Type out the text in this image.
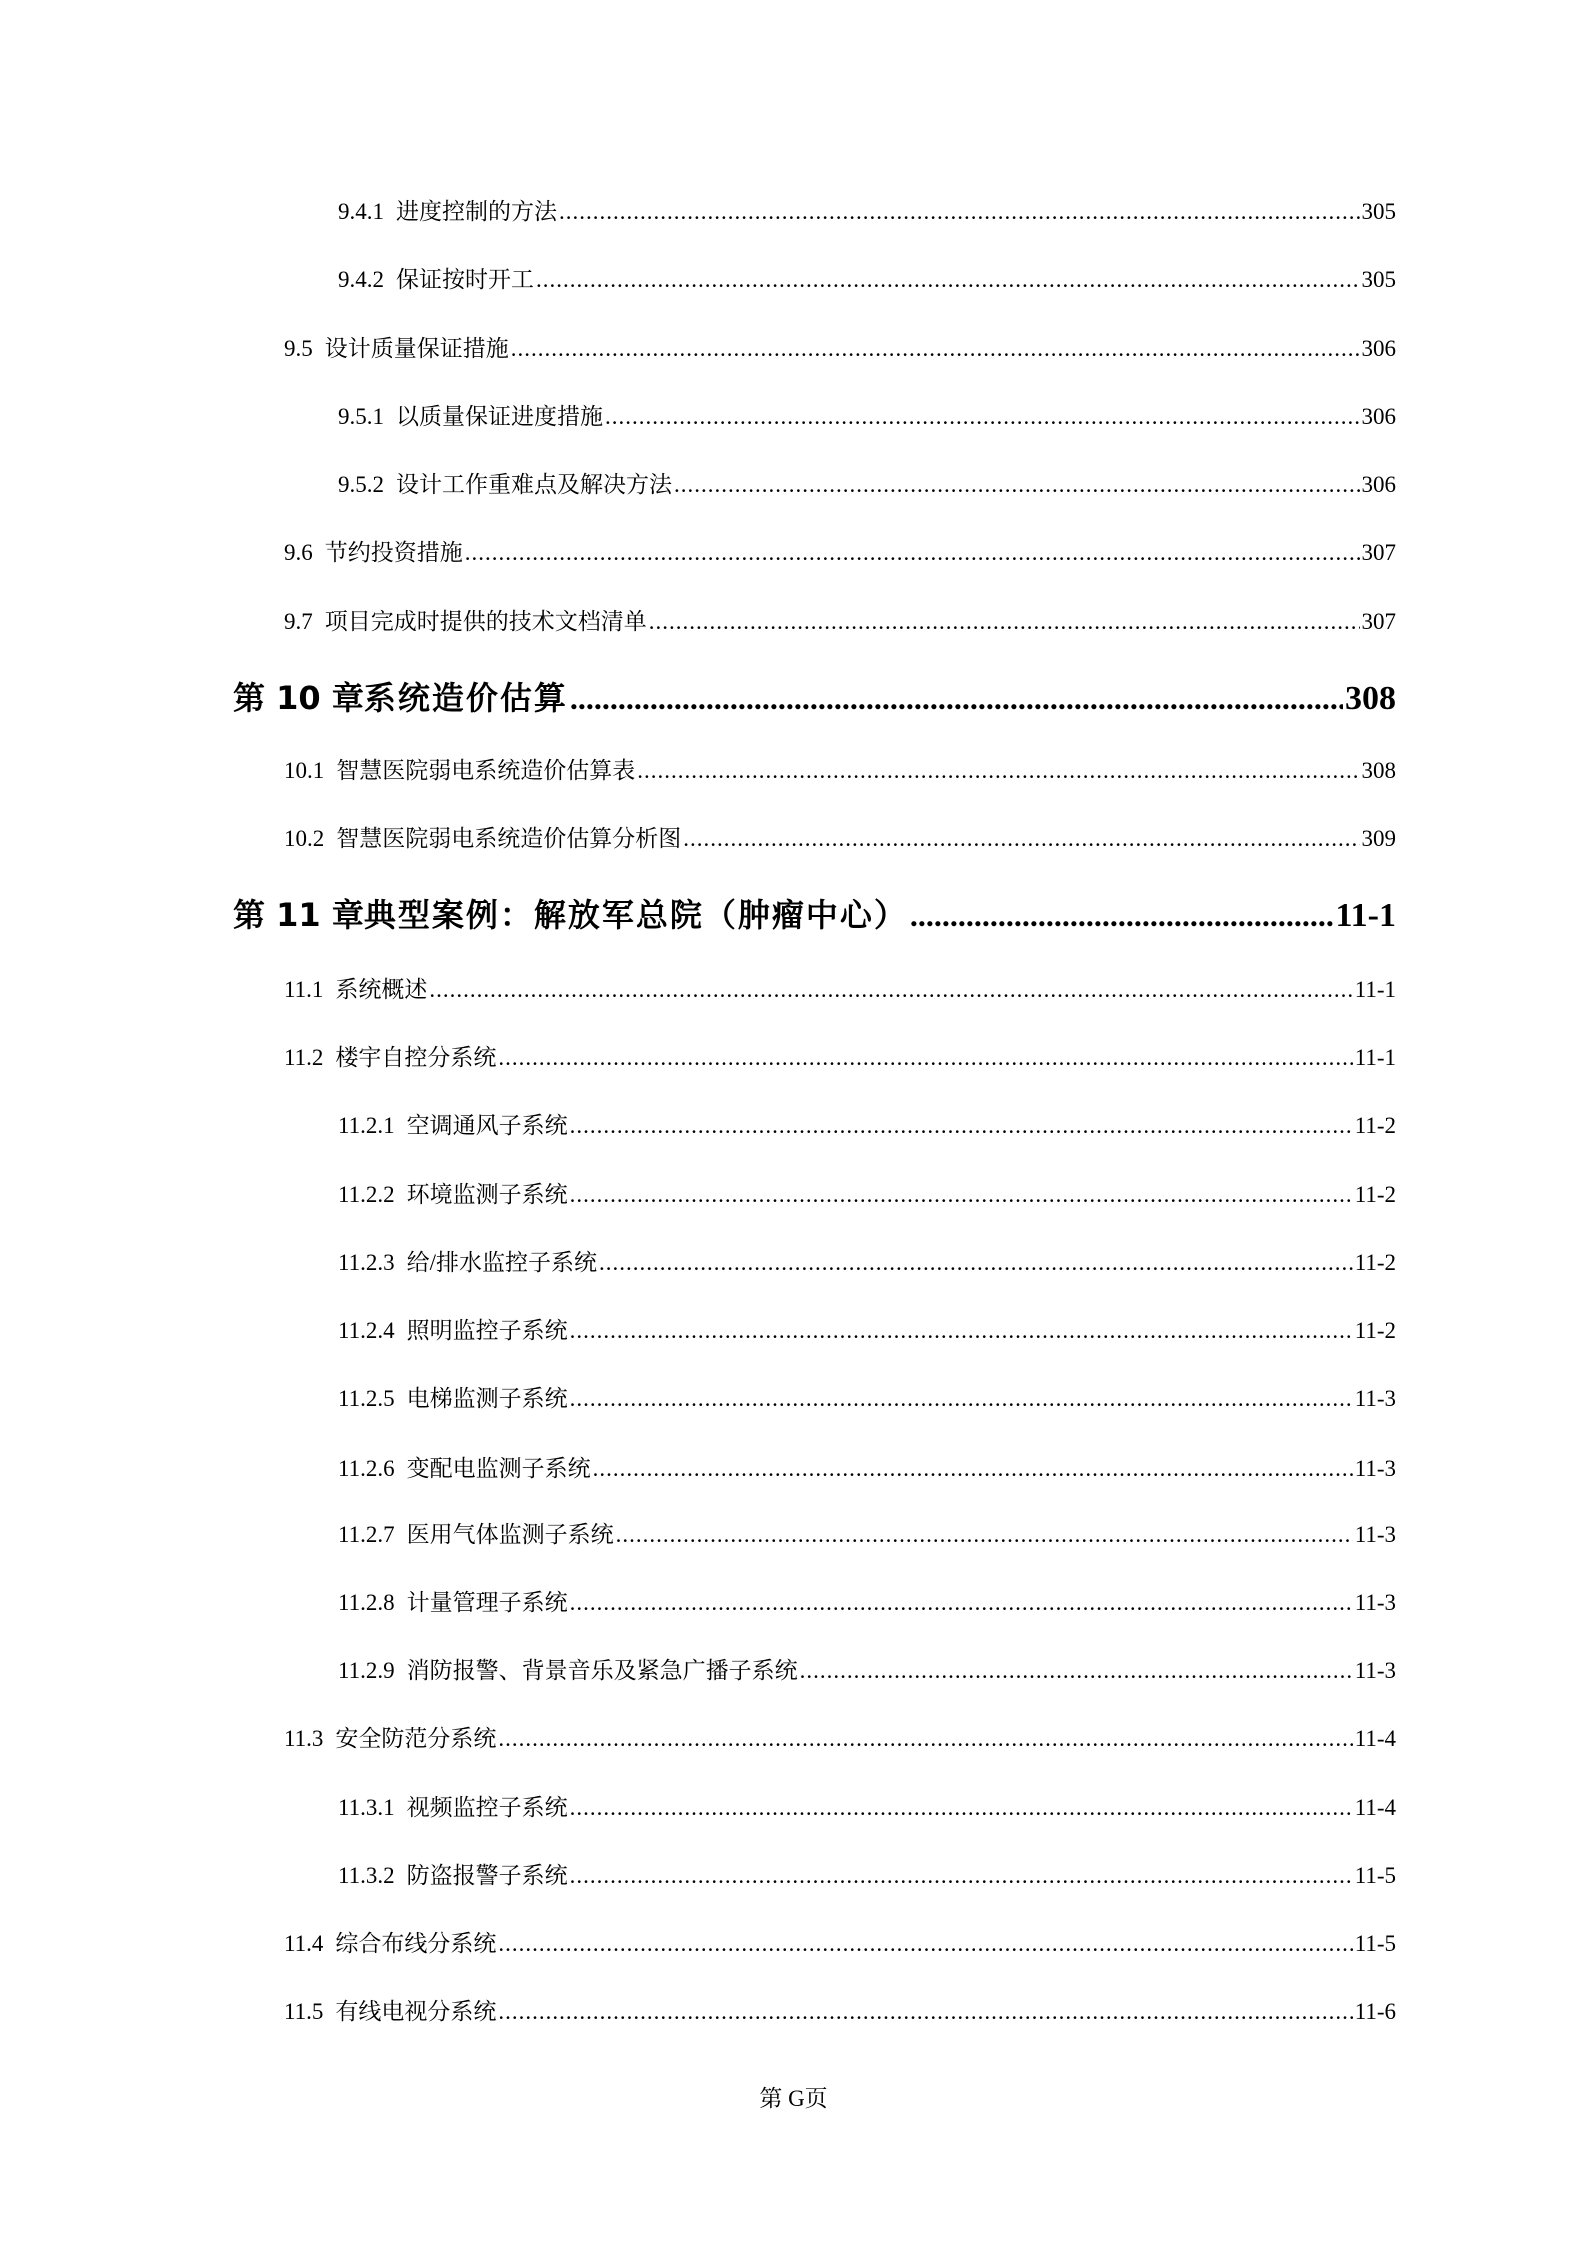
9.4.1 进度控制的方法 .....	305
9.4.2 保证按时开工 .....	305
9.5 设计质量保证措施 .....	306
9.5.1 以质量保证进度措施 .....	306
9.5.2 设计工作重难点及解决方法 .....	306
9.6 节约投资措施 .....	307
9.7 项目完成时提供的技术文档清单 .....	307
第 10 章 系统造价估算 .....	308
10.1 智慧医院弱电系统造价估算表 .....	308
10.2 智慧医院弱电系统造价估算分析图 .....	309
第 11 章 典型案例：解放军总院（肿瘤中心） .....	11-1
11.1 系统概述 .....	11-1
11.2 楼宇自控分系统 .....	11-1
11.2.1 空调通风子系统 .....	11-2
11.2.2 环境监测子系统 .....	11-2
11.2.3 给/排水监控子系统 .....	11-2
11.2.4 照明监控子系统 .....	11-2
11.2.5 电梯监测子系统 .....	11-3
11.2.6 变配电监测子系统 .....	11-3
11.2.7 医用气体监测子系统 .....	11-3
11.2.8 计量管理子系统 .....	11-3
11.2.9 消防报警、背景音乐及紧急广播子系统 .....	11-3
11.3 安全防范分系统 .....	11-4
11.3.1 视频监控子系统 .....	11-4
11.3.2 防盗报警子系统 .....	11-5
11.4 综合布线分系统 .....	11-5
11.5 有线电视分系统 .....	11-6
第 G页
